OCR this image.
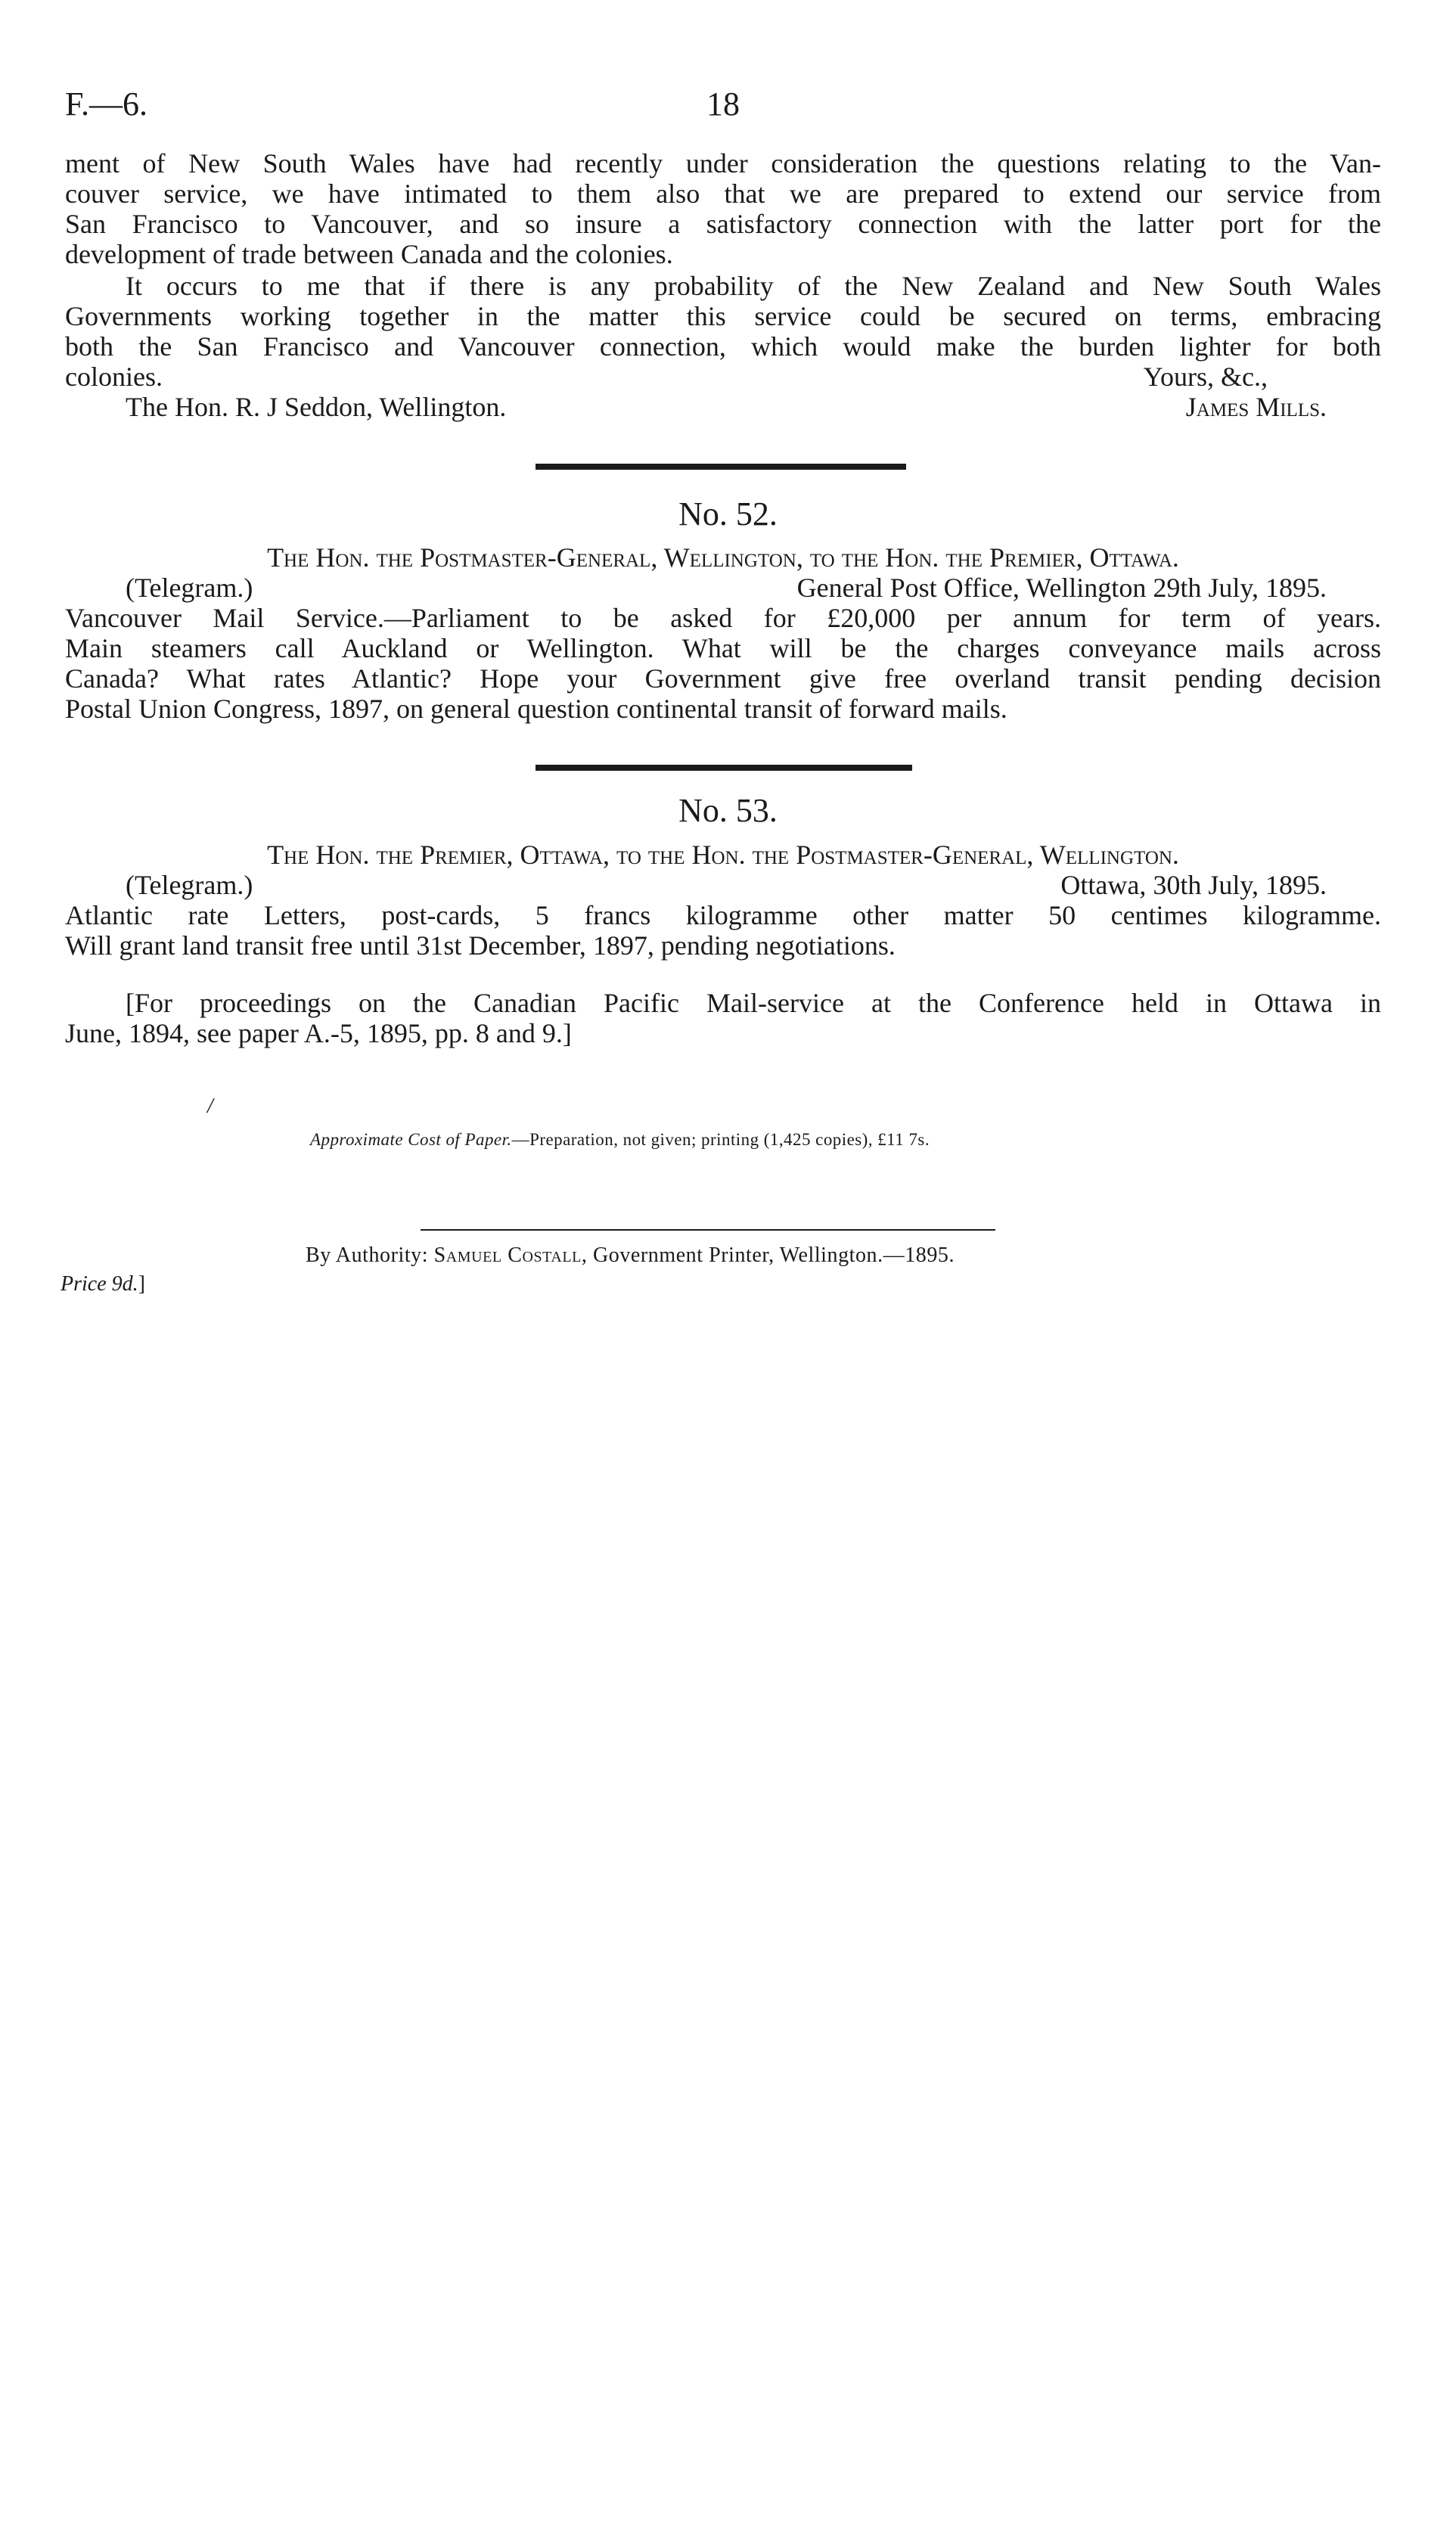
F.—6.	18

ment of New South Wales have had recently under consideration the questions relating to the Van-

couver service, we have intimated to them also that we are prepared to extend our service from

San Francisco to Vancouver, and so insure a satisfactory connection with the latter port for the

development of trade between Canada and the colonies.

It occurs to me that if there is any probability of the New Zealand and New South Wales

Governments working together in the matter this service could be secured on terms, embracing

both the San Francisco and Vancouver connection, which would make the burden lighter for both

colonies.	Yours, &c.,
The Hon. R. J Seddon, Wellington.	James Mills.
No. 52.
The Hon. the Postmaster-General, Wellington, to the Hon. the Premier, Ottawa.
(Telegram.)	General Post Office, Wellington 29th July, 1895.

Vancouver Mail Service.—Parliament to be asked for £20,000 per annum for term of years.

Main steamers call Auckland or Wellington. What will be the charges conveyance mails across

Canada? What rates Atlantic? Hope your Government give free overland transit pending decision

Postal Union Congress, 1897, on general question continental transit of forward mails.

No. 53.
The Hon. the Premier, Ottawa, to the Hon. the Postmaster-General, Wellington.
(Telegram.)	Ottawa, 30th July, 1895.

Atlantic rate Letters, post-cards, 5 francs kilogramme other matter 50 centimes kilogramme.

Will grant land transit free until 31st December, 1897, pending negotiations.

[For proceedings on the Canadian Pacific Mail-service at the Conference held in Ottawa in

June, 1894, see paper A.-5, 1895, pp. 8 and 9.]

/
Approximate Cost of Paper.—Preparation, not given; printing (1,425 copies), £11 7s.
By Authority: Samuel Costall, Government Printer, Wellington.—1895.
Price 9d.]
